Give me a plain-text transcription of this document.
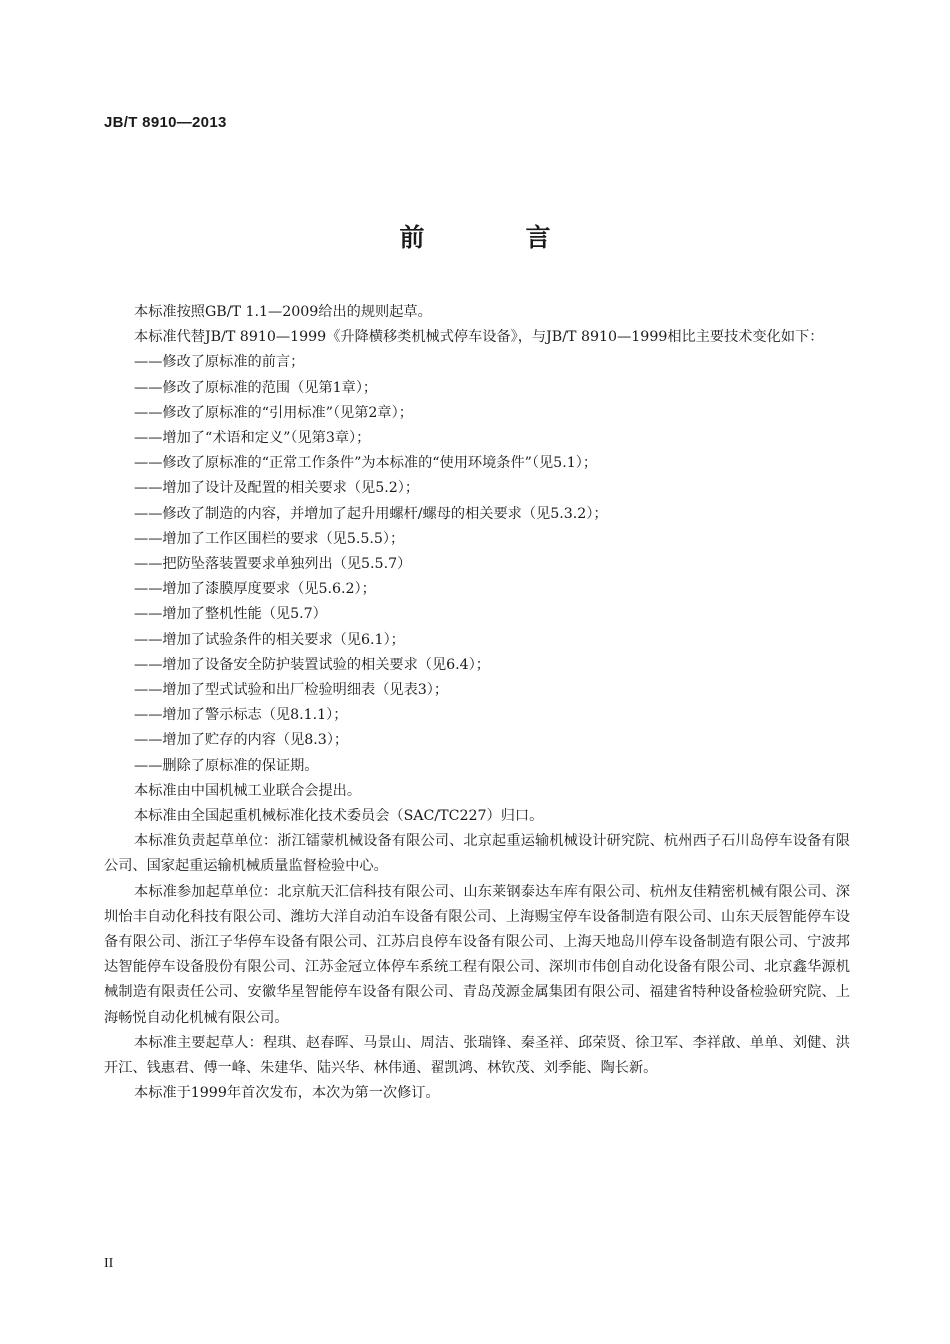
JB/T 8910—2013
前　言

本标准按照GB/T 1.1—2009给出的规则起草。

本标准代替JB/T 8910—1999《升降横移类机械式停车设备》，与JB/T 8910—1999相比主要技术变化如下：

——修改了原标准的前言；

——修改了原标准的范围（见第1章）；

——修改了原标准的“引用标准”（见第2章）；

——增加了“术语和定义”（见第3章）；

——修改了原标准的“正常工作条件”为本标准的“使用环境条件”（见5.1）；

——增加了设计及配置的相关要求（见5.2）；

——修改了制造的内容，并增加了起升用螺杆/螺母的相关要求（见5.3.2）；

——增加了工作区围栏的要求（见5.5.5）；

——把防坠落装置要求单独列出（见5.5.7）

——增加了漆膜厚度要求（见5.6.2）；

——增加了整机性能（见5.7）

——增加了试验条件的相关要求（见6.1）；

——增加了设备安全防护装置试验的相关要求（见6.4）；

——增加了型式试验和出厂检验明细表（见表3）；

——增加了警示标志（见8.1.1）；

——增加了贮存的内容（见8.3）；

——删除了原标准的保证期。

本标准由中国机械工业联合会提出。

本标准由全国起重机械标准化技术委员会（SAC/TC227）归口。

本标准负责起草单位：浙江镭蒙机械设备有限公司、北京起重运输机械设计研究院、杭州西子石川岛停车设备有限公司、国家起重运输机械质量监督检验中心。

本标准参加起草单位：北京航天汇信科技有限公司、山东莱钢泰达车库有限公司、杭州友佳精密机械有限公司、深圳怡丰自动化科技有限公司、潍坊大洋自动泊车设备有限公司、上海赐宝停车设备制造有限公司、山东天辰智能停车设备有限公司、浙江子华停车设备有限公司、江苏启良停车设备有限公司、上海天地岛川停车设备制造有限公司、宁波邦达智能停车设备股份有限公司、江苏金冠立体停车系统工程有限公司、深圳市伟创自动化设备有限公司、北京鑫华源机械制造有限责任公司、安徽华星智能停车设备有限公司、青岛茂源金属集团有限公司、福建省特种设备检验研究院、上海畅悦自动化机械有限公司。

本标准主要起草人：程琪、赵春晖、马景山、周洁、张瑞锋、秦圣祥、邱荣贤、徐卫军、李祥啟、单单、刘健、洪开江、钱惠君、傅一峰、朱建华、陆兴华、林伟通、翟凯鸿、林钦茂、刘季能、陶长新。

本标准于1999年首次发布，本次为第一次修订。

II
